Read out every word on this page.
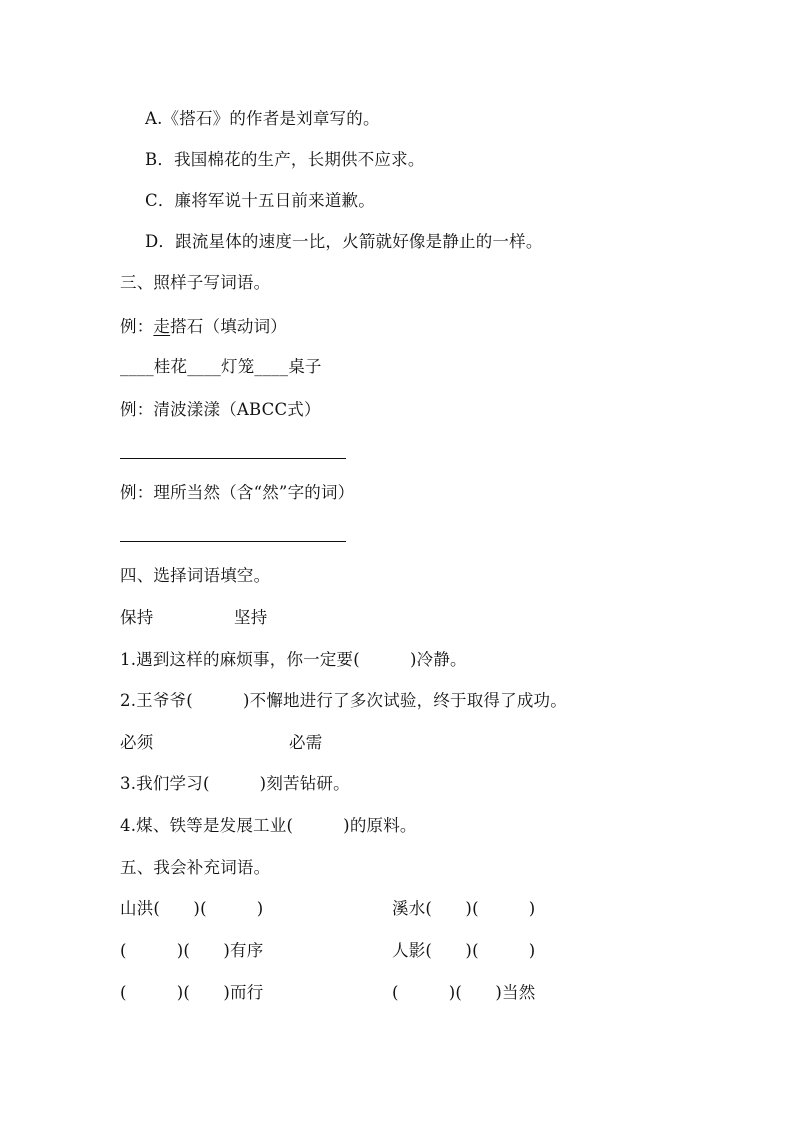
A.《搭石》的作者是刘章写的。

B．我国棉花的生产，长期供不应求。

C．廉将军说十五日前来道歉。

D．跟流星体的速度一比，火箭就好像是静止的一样。

三、照样子写词语。

例：走搭石（填动词）

____桂花____灯笼____桌子

例：清波漾漾（ABCC式）

例：理所当然（含“然”字的词）

四、选择词语填空。

保持	坚持

1.遇到这样的麻烦事，你一定要(　　　)冷静。

2.王爷爷(　　　)不懈地进行了多次试验，终于取得了成功。

必须	必需

3.我们学习(　　　)刻苦钻研。

4.煤、铁等是发展工业(　　　)的原料。

五、我会补充词语。

山洪(　　)(　　　)	溪水(　　)(　　　)

(　　　)(　　)有序	人影(　　)(　　　)

(　　　)(　　)而行	(　　　)(　　)当然
